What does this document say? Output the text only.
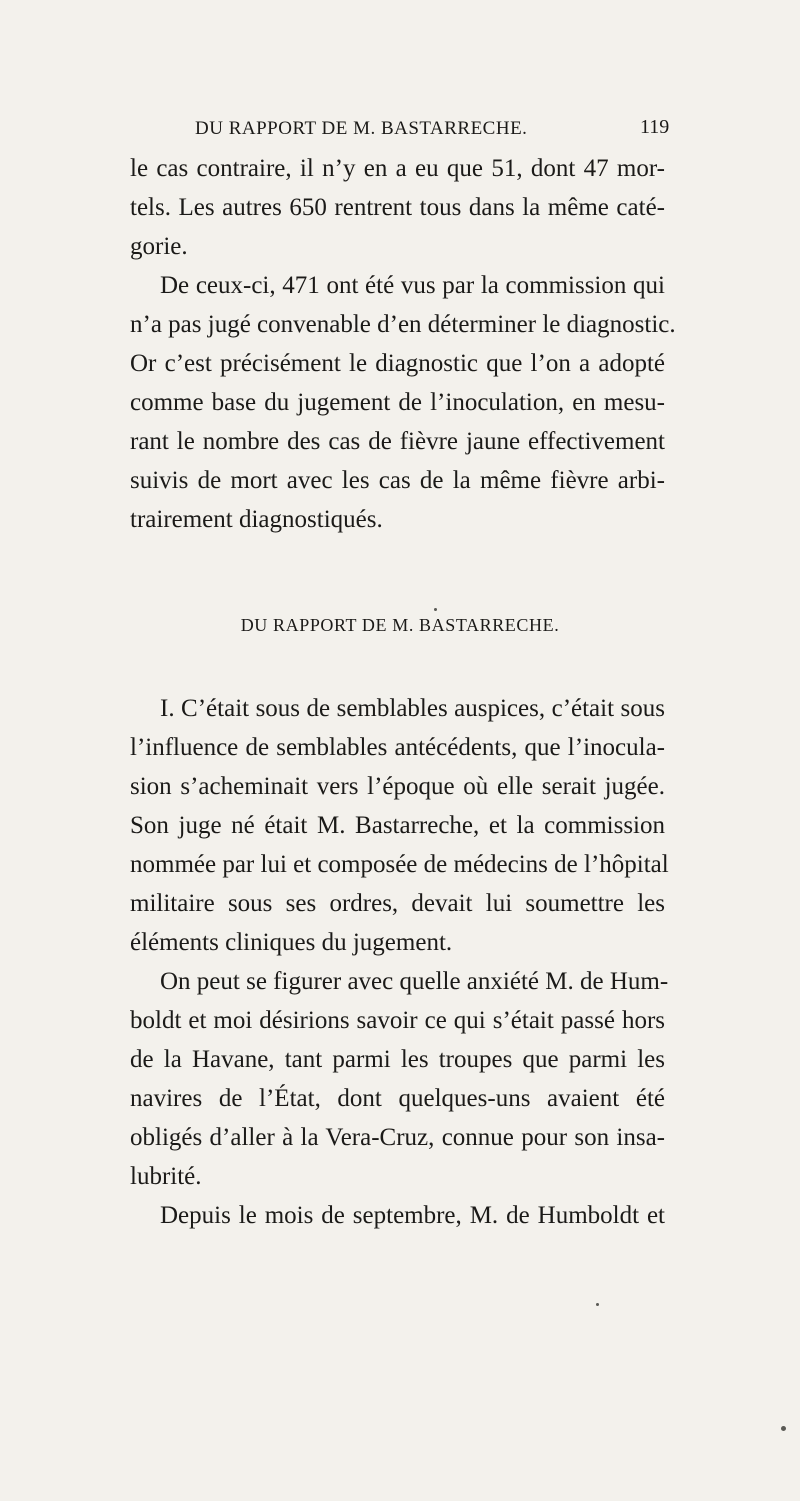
DU RAPPORT DE M. BASTARRECHE.	119
le cas contraire, il n’y en a eu que 51, dont 47 mor-
tels. Les autres 650 rentrent tous dans la même caté-
gorie.
De ceux-ci, 471 ont été vus par la commission qui
n’a pas jugé convenable d’en déterminer le diagnostic.
Or c’est précisément le diagnostic que l’on a adopté
comme base du jugement de l’inoculation, en mesu-
rant le nombre des cas de fièvre jaune effectivement
suivis de mort avec les cas de la même fièvre arbi-
trairement diagnostiqués.
DU RAPPORT DE M. BASTARRECHE.
I. C’était sous de semblables auspices, c’était sous
l’influence de semblables antécédents, que l’inocula-
sion s’acheminait vers l’époque où elle serait jugée.
Son juge né était M. Bastarreche, et la commission
nommée par lui et composée de médecins de l’hôpital
militaire sous ses ordres, devait lui soumettre les
éléments cliniques du jugement.
On peut se figurer avec quelle anxiété M. de Hum-
boldt et moi désirions savoir ce qui s’était passé hors
de la Havane, tant parmi les troupes que parmi les
navires de l’État, dont quelques-uns avaient été
obligés d’aller à la Vera-Cruz, connue pour son insa-
lubrité.
Depuis le mois de septembre, M. de Humboldt et
